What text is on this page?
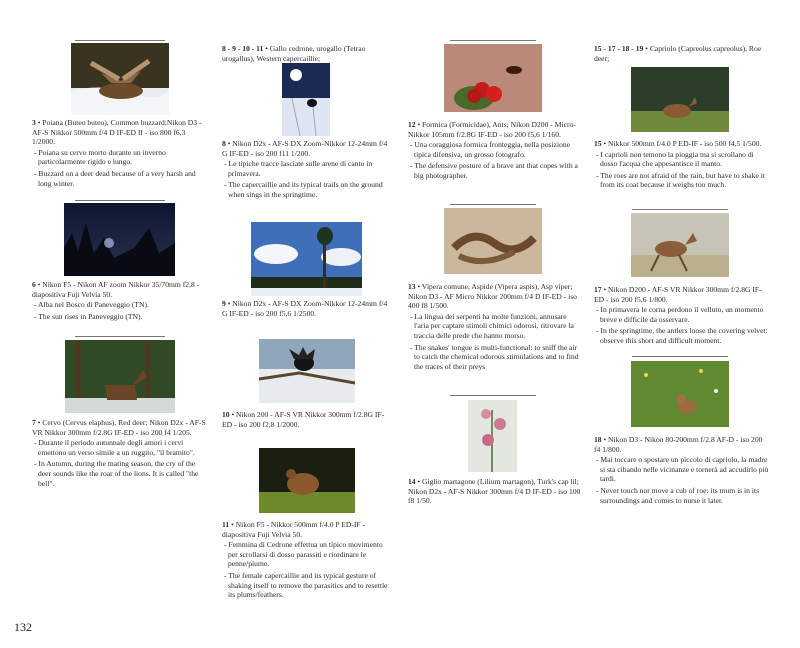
3 • Poiana (Buteo buteo), Common buzzard;Nikon D3 - AF-S Nikkor 500mm f/4 D IF-ED II - iso 800 f6,3 1/2000.

- Poiana su cervo morto durante un inverno particolarmente rigido e lungo.

- Buzzard on a deer dead because of a very harsh and long winter.

6 • Nikon F5 - Nikon AF zoom Nikkor 35/70mm f2,8 - diapositiva Fuji Velvia 50.

- Alba nel Bosco di Paneveggio (TN).

- The sun rises in Paneveggio (TN).

7 • Cervo (Cervus elaphus), Red deer; Nikon D2x - AF-S VR Nikkor 300mm f/2.8G IF-ED - iso 200 f4 1/205.

- Durante il periodo autunnale degli amori i cervi emettono un verso simile a un ruggito, "il bramito".

- In Autumn, during the mating season, the cry of the deer sounds like the roar of the lions. It is called "the bell".

8 - 9 - 10 - 11 • Gallo cedrone, urogallo (Tetrao urogallus), Western capercaillie;

8 • Nikon D2x - AF-S DX Zoom-Nikkor 12-24mm f/4 G IF-ED - iso 200 f11 1/200.

- Le tipiche tracce lasciate sulle arene di canto in primavera.

- The capercaillie and its typical trails on the ground when sings in the springtime.

9 • Nikon D2x - AF-S DX Zoom-Nikkor 12-24mm f/4 G IF-ED - iso 200 f5,6 1/2500.

10 • Nikon 200 - AF-S VR Nikkor 300mm f/2.8G IF-ED - iso 200 f2,8 1/2000.

11 • Nikon F5 - Nikkor 500mm f/4.0 P ED-IF - diapositiva Fuji Velvia 50.

- Femmina di Cedrone effettua un tipico movimento per scrollarsi di dosso parassiti e riordinare le penne/piume.

- The female capercaillie and its typical gesture of shaking itself to remove the parasitics and to resettle its plums/feathers.

12 • Formica (Formicidae), Ants; Nikon D200 - Micro-Nikkor 105mm f/2.8G IF-ED - iso 200 f5,6 1/160.

- Una coraggiosa formica fronteggia, nella posizione tipica difensiva, un grosso fotografo.

- The defensive posture of a brave ant that copes with a big photographer.

13 • Vipera comune, Aspide (Vipera aspis), Asp viper; Nikon D3 - AF Micro Nikkor 200mm f/4 D IF-ED - iso 400 f8 1/500.

- La lingua dei serpenti ha molte funzioni, annusare l'aria per captare stimoli chimici odorosi, ritrovare la traccia delle prede che hanno morso.

- The snakes' tongue is multi-functional: to sniff the air to catch the chemical odorous stimulations and to find the traces of their preys

14 • Giglio martagone (Lilium martagon), Turk's cap lil; Nikon D2x - AF-S Nikkor 300mm f/4 D IF-ED - iso 100 f8 1/50.

15 - 17 - 18 - 19 • Capriolo (Capreolus capreolus), Roe deer;

15 • Nikkor 500mm f/4.0 P ED-IF - iso 500 f4,5 1/500.

- I caprioli non temono la pioggia ma si scrollano di dosso l'acqua che appesantisce il manto.

- The roes are not afraid of the rain, but have to shake it from its coat because it weighs too much.

17 • Nikon D200 - AF-S VR Nikkor 300mm f/2.8G IF-ED - iso 200 f5,6 1/800.

- In primavera le corna perdono il velluto, un momento breve e difficile da osservare.

- In the springtime, the antlers loose the covering velvet: observe this short and difficult moment.

18 • Nikon D3 - Nikon 80-200mm f/2.8 AF-D - iso 200 f4 1/800.

- Mai toccare o spostare un piccolo di capriolo, la madre si sta cibando nelle vicinanze e tornerà ad accudirlo più tardi.

- Never touch nor move a cub of roe: its mum is in its surroundings and comes to nurse it later.

132
